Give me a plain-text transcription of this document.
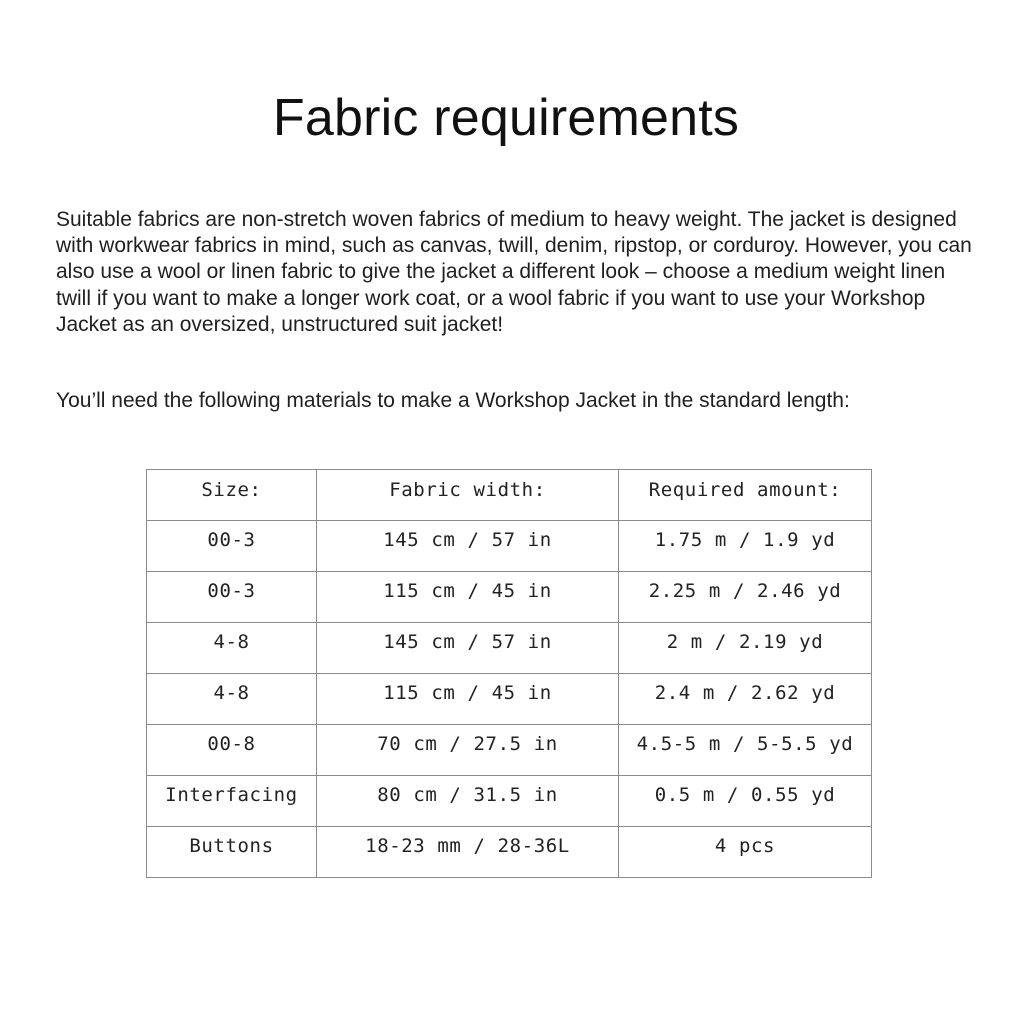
Fabric requirements

Suitable fabrics are non-stretch woven fabrics of medium to heavy weight. The jacket is designed with workwear fabrics in mind, such as canvas, twill, denim, ripstop, or corduroy. However, you can also use a wool or linen fabric to give the jacket a different look – choose a medium weight linen twill if you want to make a longer work coat, or a wool fabric if you want to use your Workshop Jacket as an oversized, unstructured suit jacket!

You’ll need the following materials to make a Workshop Jacket in the standard length:

Size:	Fabric width:	Required amount:
00-3	145 cm / 57 in	1.75 m / 1.9 yd
00-3	115 cm / 45 in	2.25 m / 2.46 yd
4-8	145 cm / 57 in	2 m / 2.19 yd
4-8	115 cm / 45 in	2.4 m / 2.62 yd
00-8	70 cm / 27.5 in	4.5-5 m / 5-5.5 yd
Interfacing	80 cm / 31.5 in	0.5 m / 0.55 yd
Buttons	18-23 mm / 28-36L	4 pcs
